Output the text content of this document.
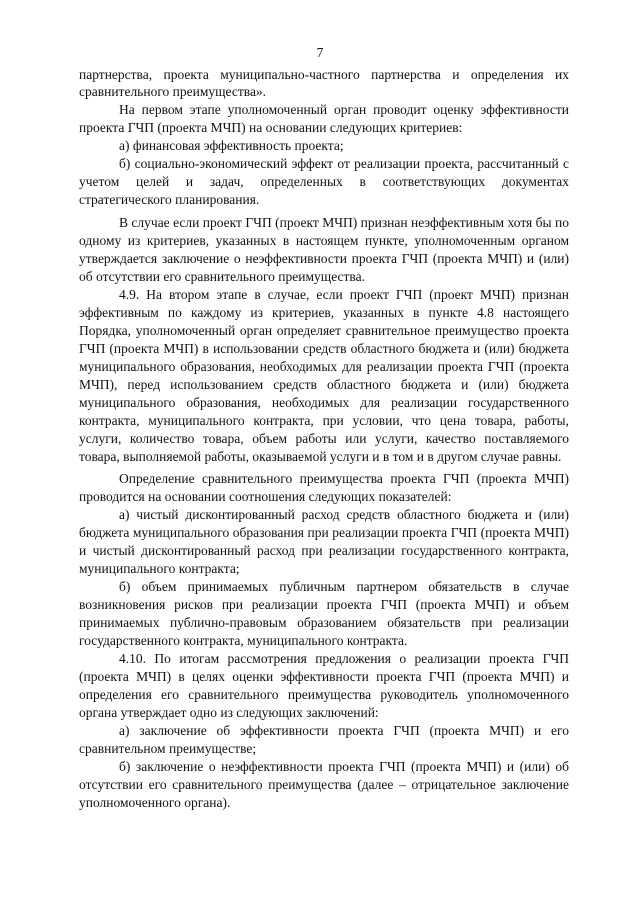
7

партнерства, проекта муниципально-частного партнерства и определения их сравнительного преимущества».

На первом этапе уполномоченный орган проводит оценку эффективности проекта ГЧП (проекта МЧП) на основании следующих критериев:

а) финансовая эффективность проекта;

б) социально-экономический эффект от реализации проекта, рассчитанный с учетом целей и задач, определенных в соответствующих документах стратегического планирования.

В случае если проект ГЧП (проект МЧП) признан неэффективным хотя бы по одному из критериев, указанных в настоящем пункте, уполномоченным органом утверждается заключение о неэффективности проекта ГЧП (проекта МЧП) и (или) об отсутствии его сравнительного преимущества.

4.9. На втором этапе в случае, если проект ГЧП (проект МЧП) признан эффективным по каждому из критериев, указанных в пункте 4.8 настоящего Порядка, уполномоченный орган определяет сравнительное преимущество проекта ГЧП (проекта МЧП) в использовании средств областного бюджета и (или) бюджета муниципального образования, необходимых для реализации проекта ГЧП (проекта МЧП), перед использованием средств областного бюджета и (или) бюджета муниципального образования, необходимых для реализации государственного контракта, муниципального контракта, при условии, что цена товара, работы, услуги, количество товара, объем работы или услуги, качество поставляемого товара, выполняемой работы, оказываемой услуги и в том и в другом случае равны.

Определение сравнительного преимущества проекта ГЧП (проекта МЧП) проводится на основании соотношения следующих показателей:

а) чистый дисконтированный расход средств областного бюджета и (или) бюджета муниципального образования при реализации проекта ГЧП (проекта МЧП) и чистый дисконтированный расход при реализации государственного контракта, муниципального контракта;

б) объем принимаемых публичным партнером обязательств в случае возникновения рисков при реализации проекта ГЧП (проекта МЧП) и объем принимаемых публично-правовым образованием обязательств при реализации государственного контракта, муниципального контракта.

4.10. По итогам рассмотрения предложения о реализации проекта ГЧП (проекта МЧП) в целях оценки эффективности проекта ГЧП (проекта МЧП) и определения его сравнительного преимущества руководитель уполномоченного органа утверждает одно из следующих заключений:

а) заключение об эффективности проекта ГЧП (проекта МЧП) и его сравнительном преимуществе;

б) заключение о неэффективности проекта ГЧП (проекта МЧП) и (или) об отсутствии его сравнительного преимущества (далее – отрицательное заключение уполномоченного органа).
